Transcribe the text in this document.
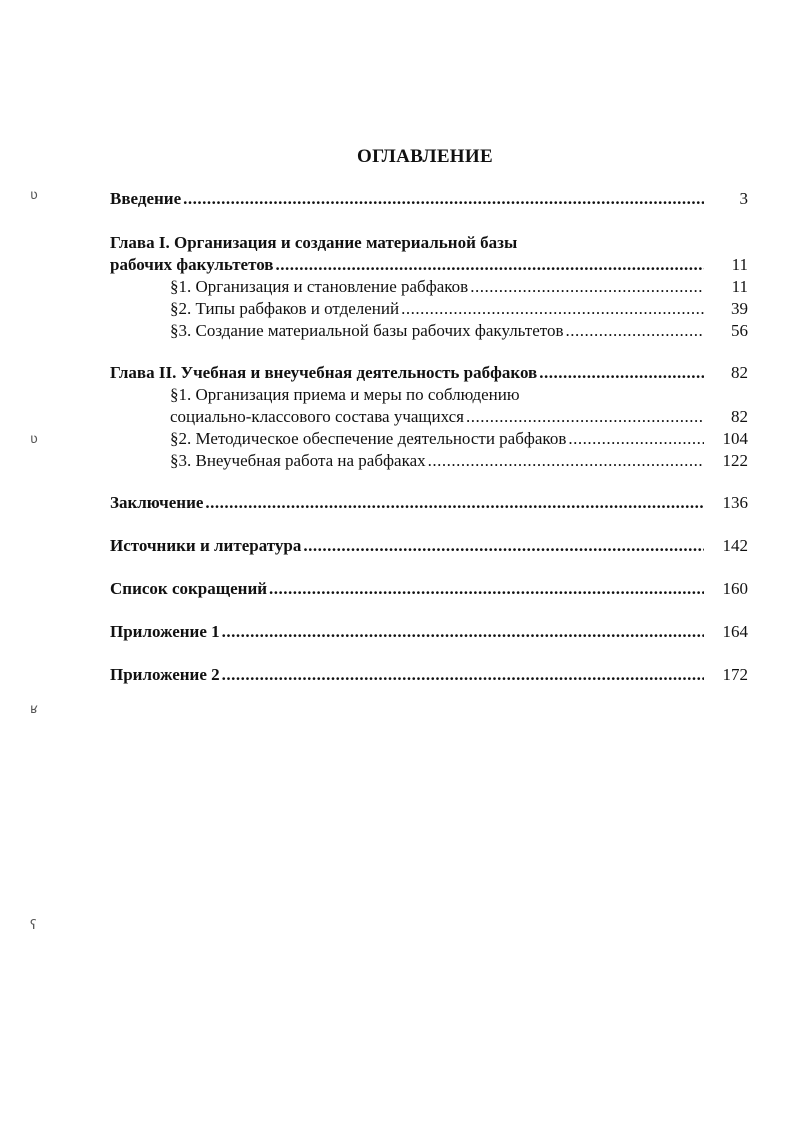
ОГЛАВЛЕНИЕ
Введение .....	3
Глава I. Организация и создание материальной базы
рабочих факультетов .....	11
§1. Организация и становление рабфаков .....	11
§2. Типы рабфаков и отделений .....	39
§3. Создание материальной базы рабочих факультетов .....	56
Глава II. Учебная и внеучебная деятельность рабфаков .....	82
§1. Организация приема и меры по соблюдению
социально-классового состава учащихся .....	82
§2. Методическое обеспечение деятельности рабфаков .....	104
§3. Внеучебная работа на рабфаках .....	122
Заключение .....	136
Источники и литература .....	142
Список сокращений .....	160
Приложение 1 .....	164
Приложение 2 .....	172
ʋ
ʋ
ʁ
ʕ
